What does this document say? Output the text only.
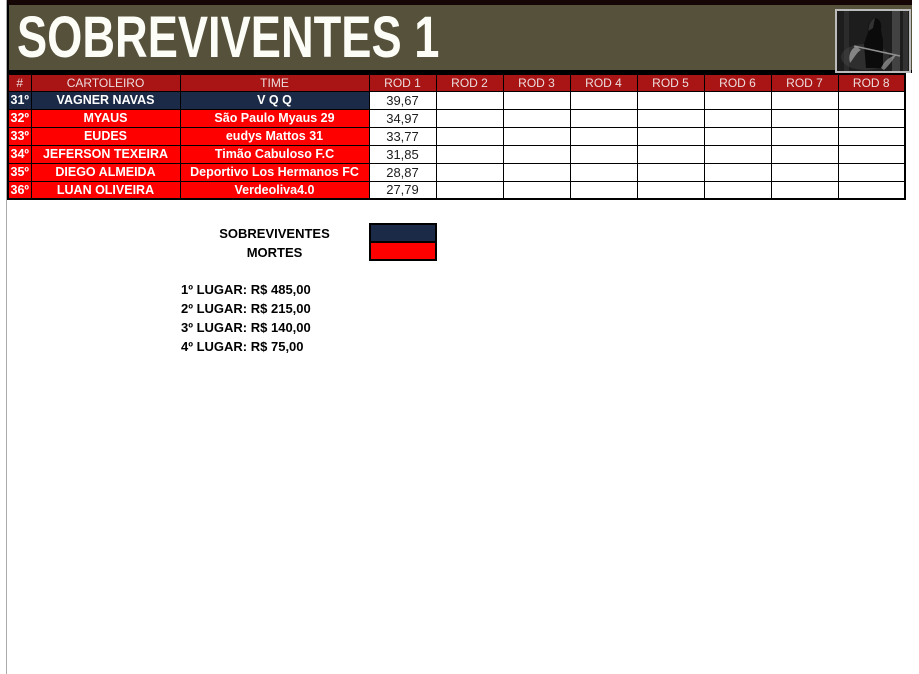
SOBREVIVENTES 1
#	CARTOLEIRO	TIME	ROD 1	ROD 2	ROD 3	ROD 4	ROD 5	ROD 6	ROD 7	ROD 8
31º	VAGNER NAVAS	V Q Q	39,67							
32º	MYAUS	São Paulo Myaus 29	34,97							
33º	EUDES	eudys Mattos 31	33,77							
34º	JEFERSON TEXEIRA	Timão Cabuloso F.C	31,85							
35º	DIEGO ALMEIDA	Deportivo Los Hermanos FC	28,87							
36º	LUAN OLIVEIRA	Verdeoliva4.0	27,79							
SOBREVIVENTES
MORTES
1º LUGAR: R$ 485,00
2º LUGAR: R$ 215,00
3º LUGAR: R$ 140,00
4º LUGAR: R$ 75,00
